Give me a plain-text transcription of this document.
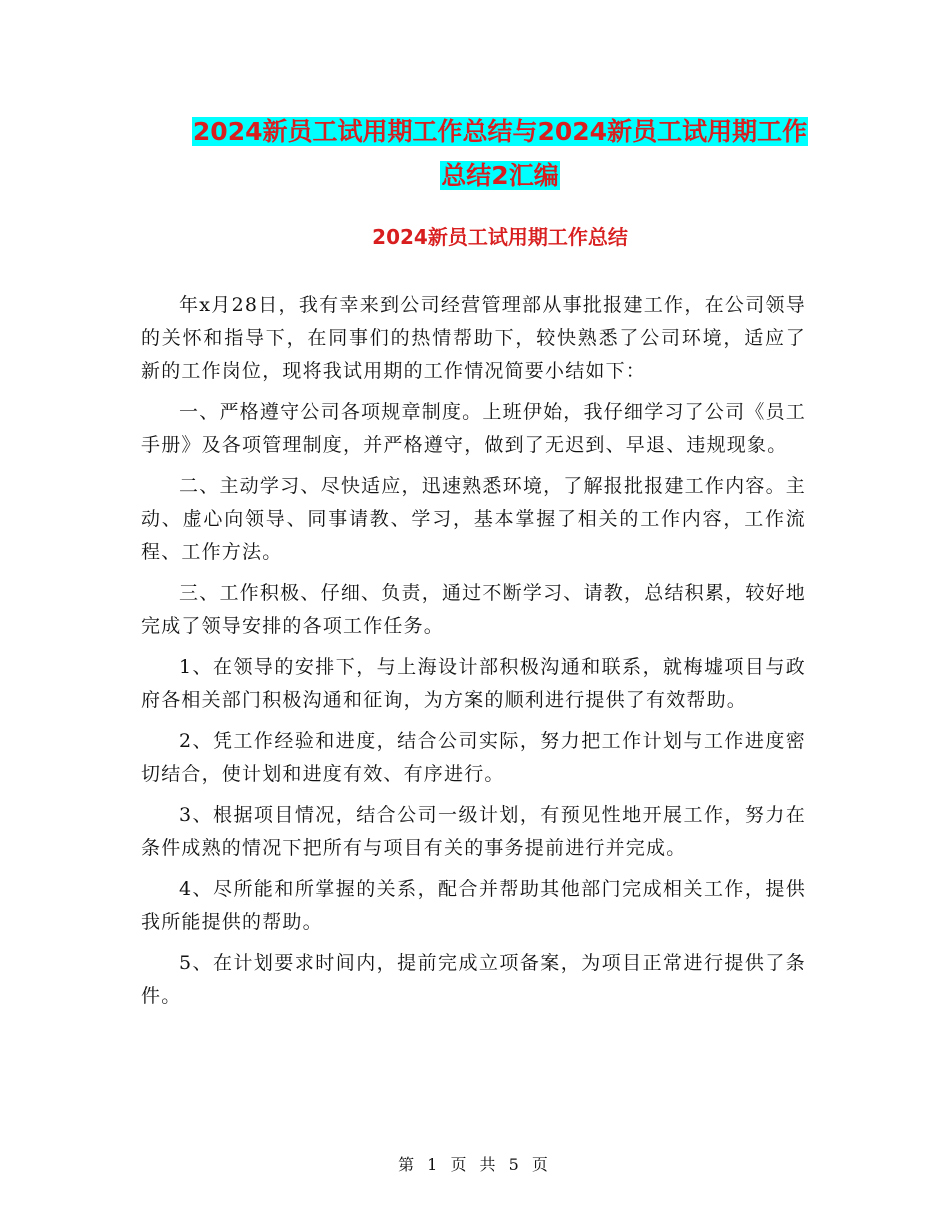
2024新员工试用期工作总结与2024新员工试用期工作
总结2汇编
2024新员工试用期工作总结

年x月28日，我有幸来到公司经营管理部从事批报建工作，在公司领导的关怀和指导下，在同事们的热情帮助下，较快熟悉了公司环境，适应了新的工作岗位，现将我试用期的工作情况简要小结如下：

一、严格遵守公司各项规章制度。上班伊始，我仔细学习了公司《员工手册》及各项管理制度，并严格遵守，做到了无迟到、早退、违规现象。

二、主动学习、尽快适应，迅速熟悉环境，了解报批报建工作内容。主动、虚心向领导、同事请教、学习，基本掌握了相关的工作内容，工作流程、工作方法。

三、工作积极、仔细、负责，通过不断学习、请教，总结积累，较好地完成了领导安排的各项工作任务。

1、在领导的安排下，与上海设计部积极沟通和联系，就梅墟项目与政府各相关部门积极沟通和征询，为方案的顺利进行提供了有效帮助。

2、凭工作经验和进度，结合公司实际，努力把工作计划与工作进度密切结合，使计划和进度有效、有序进行。

3、根据项目情况，结合公司一级计划，有预见性地开展工作，努力在条件成熟的情况下把所有与项目有关的事务提前进行并完成。

4、尽所能和所掌握的关系，配合并帮助其他部门完成相关工作，提供我所能提供的帮助。

5、在计划要求时间内，提前完成立项备案，为项目正常进行提供了条件。

第 1 页 共 5 页
